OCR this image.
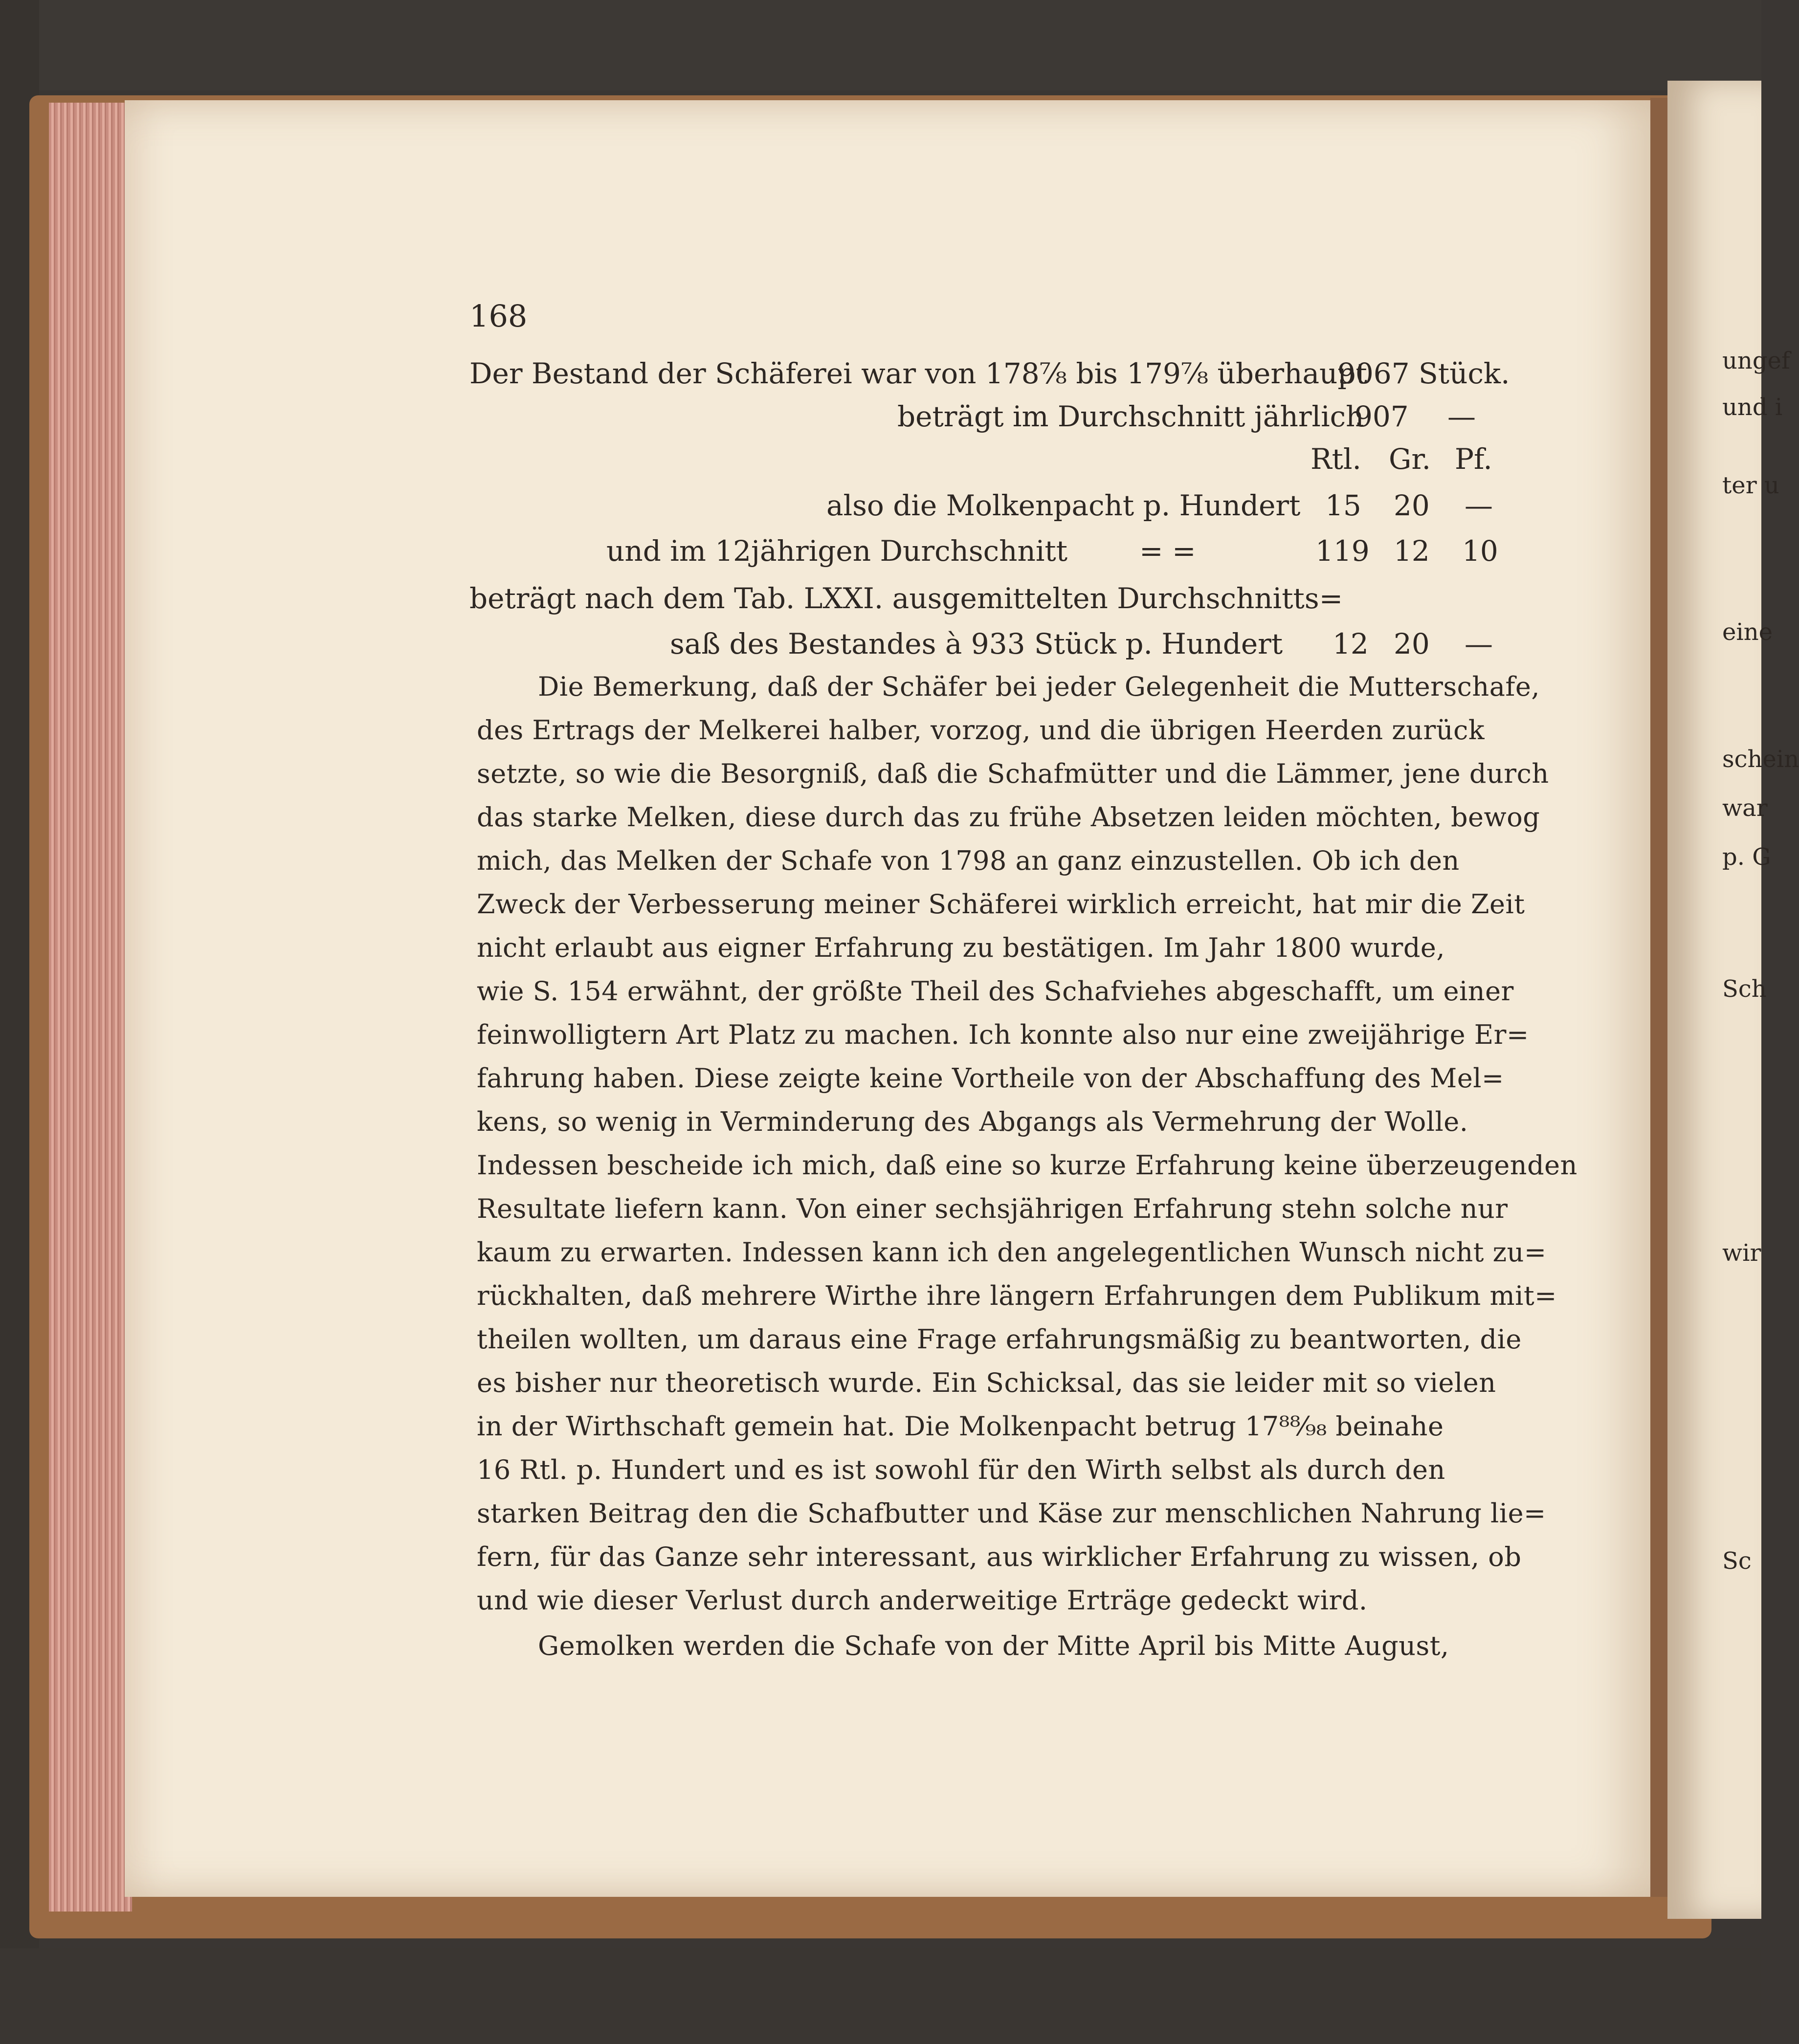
ungef
und i
ter u
eine
schein
war
p. G
Sch
wir
Sc
168
Der Bestand der Schäferei war von 178⅞ bis 179⅞ überhaupt
9067 Stück.
beträgt im Durchschnitt jährlich
907 —
Rtl. Gr. Pf.
also die Molkenpacht p. Hundert 15 20 —
und im 12jährigen Durchschnitt	= =	119 12 10
beträgt nach dem Tab. LXXI. ausgemittelten Durchschnitts=
saß des Bestandes à 933 Stück p. Hundert 12 20 —
Die Bemerkung, daß der Schäfer bei jeder Gelegenheit die Mutterschafe,
des Ertrags der Melkerei halber, vorzog, und die übrigen Heerden zurück
setzte, so wie die Besorgniß, daß die Schafmütter und die Lämmer, jene durch
das starke Melken, diese durch das zu frühe Absetzen leiden möchten, bewog
mich, das Melken der Schafe von 1798 an ganz einzustellen. Ob ich den
Zweck der Verbesserung meiner Schäferei wirklich erreicht, hat mir die Zeit
nicht erlaubt aus eigner Erfahrung zu bestätigen. Im Jahr 1800 wurde,
wie S. 154 erwähnt, der größte Theil des Schafviehes abgeschafft, um einer
feinwolligtern Art Platz zu machen. Ich konnte also nur eine zweijährige Er=
fahrung haben. Diese zeigte keine Vortheile von der Abschaffung des Mel=
kens, so wenig in Verminderung des Abgangs als Vermehrung der Wolle.
Indessen bescheide ich mich, daß eine so kurze Erfahrung keine überzeugenden
Resultate liefern kann. Von einer sechsjährigen Erfahrung stehn solche nur
kaum zu erwarten. Indessen kann ich den angelegentlichen Wunsch nicht zu=
rückhalten, daß mehrere Wirthe ihre längern Erfahrungen dem Publikum mit=
theilen wollten, um daraus eine Frage erfahrungsmäßig zu beantworten, die
es bisher nur theoretisch wurde. Ein Schicksal, das sie leider mit so vielen
in der Wirthschaft gemein hat. Die Molkenpacht betrug 17⁸⁸⁄₉₈ beinahe
16 Rtl. p. Hundert und es ist sowohl für den Wirth selbst als durch den
starken Beitrag den die Schafbutter und Käse zur menschlichen Nahrung lie=
fern, für das Ganze sehr interessant, aus wirklicher Erfahrung zu wissen, ob
und wie dieser Verlust durch anderweitige Erträge gedeckt wird.
Gemolken werden die Schafe von der Mitte April bis Mitte August,
